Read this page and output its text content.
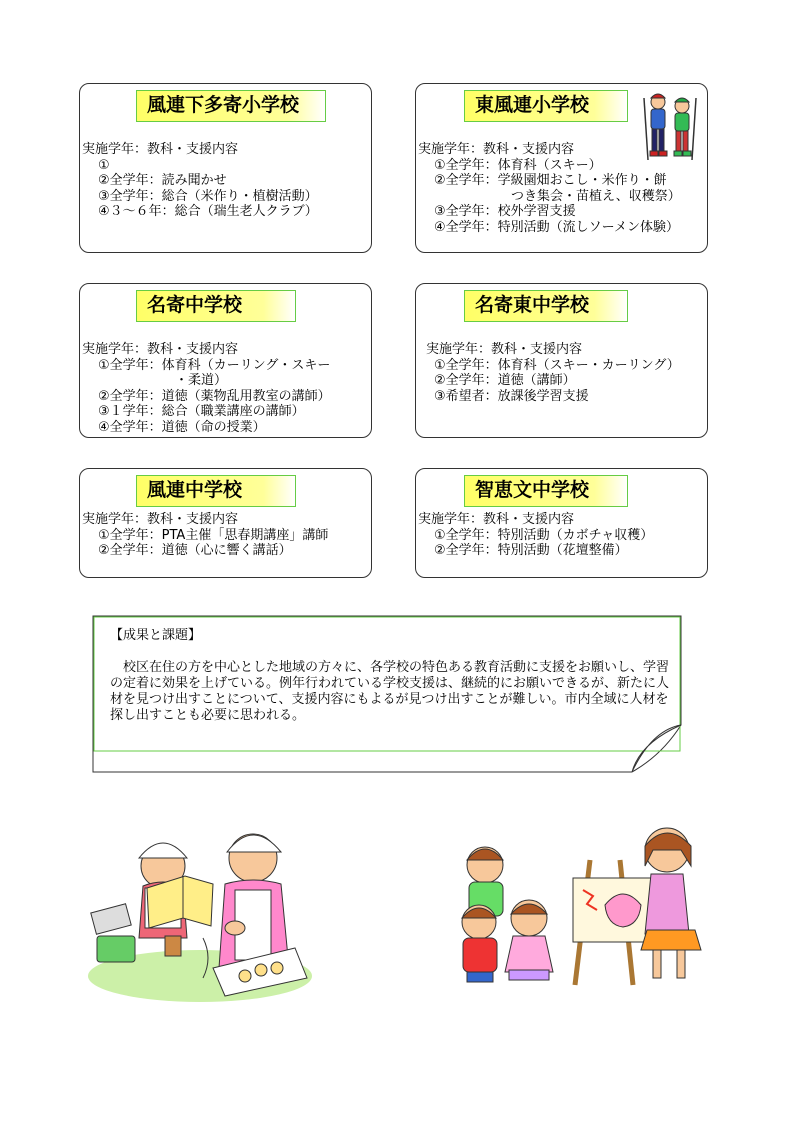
風連下多寄小学校
実施学年：教科・支援内容
①
②全学年：読み聞かせ
③全学年：総合（米作り・植樹活動）
④３～６年：総合（瑞生老人クラブ）
東風連小学校
実施学年：教科・支援内容
①全学年：体育科（スキー）
②全学年：学級園畑おこし・米作り・餅
つき集会・苗植え、収穫祭）
③全学年：校外学習支援
④全学年：特別活動（流しソーメン体験）
名寄中学校
実施学年：教科・支援内容
①全学年：体育科（カーリング・スキー
・柔道）
②全学年：道徳（薬物乱用教室の講師）
③１学年：総合（職業講座の講師）
④全学年：道徳（命の授業）
名寄東中学校
実施学年：教科・支援内容
①全学年：体育科（スキー・カーリング）
②全学年：道徳（講師）
③希望者：放課後学習支援
風連中学校
実施学年：教科・支援内容
①全学年：PTA主催「思春期講座」講師
②全学年：道徳（心に響く講話）
智恵文中学校
実施学年：教科・支援内容
①全学年：特別活動（カボチャ収穫）
②全学年：特別活動（花壇整備）
【成果と課題】
　校区在住の方を中心とした地域の方々に、各学校の特色ある教育活動に支援をお願いし、学習の定着に効果を上げている。例年行われている学校支援は、継続的にお願いできるが、新たに人材を見つけ出すことについて、支援内容にもよるが見つけ出すことが難しい。市内全域に人材を探し出すことも必要に思われる。
